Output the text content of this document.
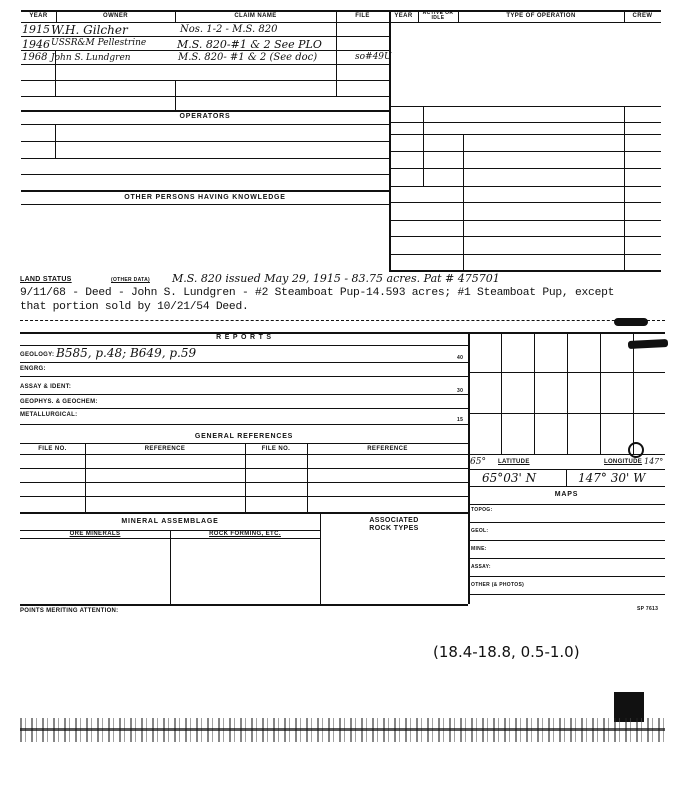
YEAR	OWNER	CLAIM NAME	FILE
1915 W.H. Gilcher	Nos. 1-2 - M.S. 820
1946 USSR&M Pellestrine	M.S. 820-#1 & 2 See PLO
1968 John S. Lundgren	M.S. 820- #1 & 2 (See doc)	so#49U
OPERATORS
OTHER PERSONS HAVING KNOWLEDGE
YEAR	ACTIVE OR IDLE	TYPE OF OPERATION	CREW
LAND STATUS	(OTHER DATA) M.S. 820 issued May 29, 1915 - 83.75 acres. Pat # 475701
9/11/68 - Deed - John S. Lundgren - #2 Steamboat Pup-14.593 acres; #1 Steamboat Pup, except
that portion sold by 10/21/54 Deed.
R E P O R T S
GEOLOGY: B585, p.48; B649, p.59
ENGRG:
ASSAY & IDENT:
GEOPHYS. & GEOCHEM:
METALLURGICAL:
40
30
15
GENERAL REFERENCES
FILE NO.	REFERENCE	FILE NO.	REFERENCE
MINERAL ASSEMBLAGE
ORE MINERALS	ROCK FORMING, ETC.
ASSOCIATED
ROCK TYPES
65° LATITUDE	LONGITUDE 147°
65°03' N	147° 30' W
MAPS
TOPOG:
GEOL:
MINE:
ASSAY:
OTHER (& PHOTOS)
POINTS MERITING ATTENTION:	SP 7613
(18.4-18.8, 0.5-1.0)
